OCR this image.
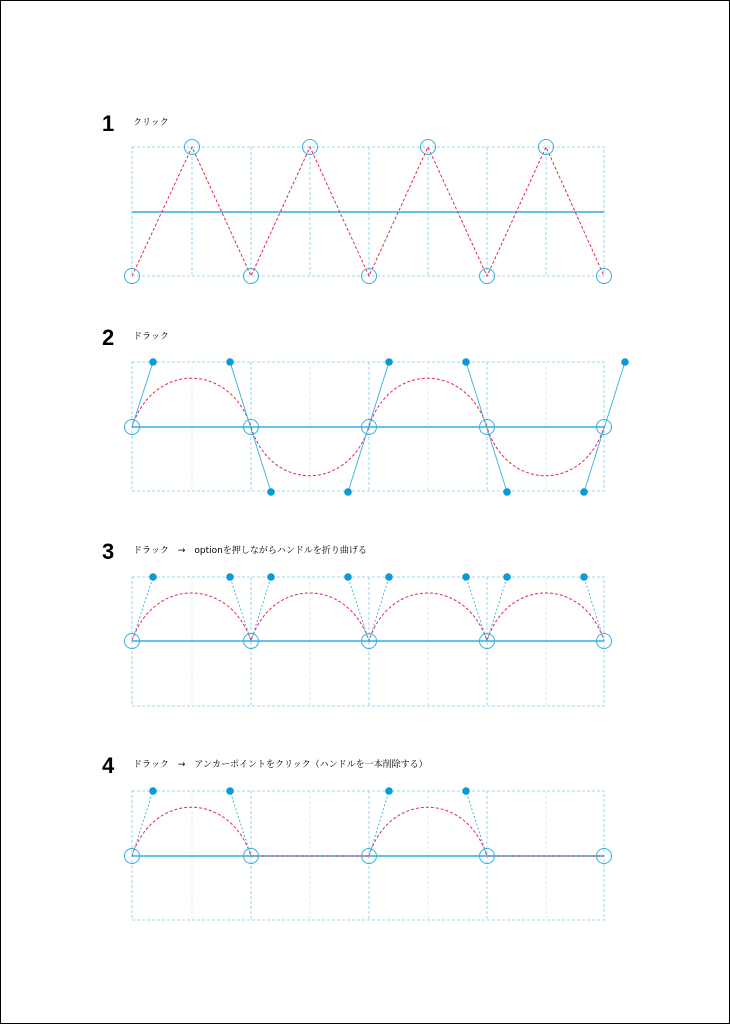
1 クリック
2 ドラック
3 ドラック　→　optionを押しながらハンドルを折り曲げる
4 ドラック　→　アンカーポイントをクリック（ハンドルを一本削除する）
